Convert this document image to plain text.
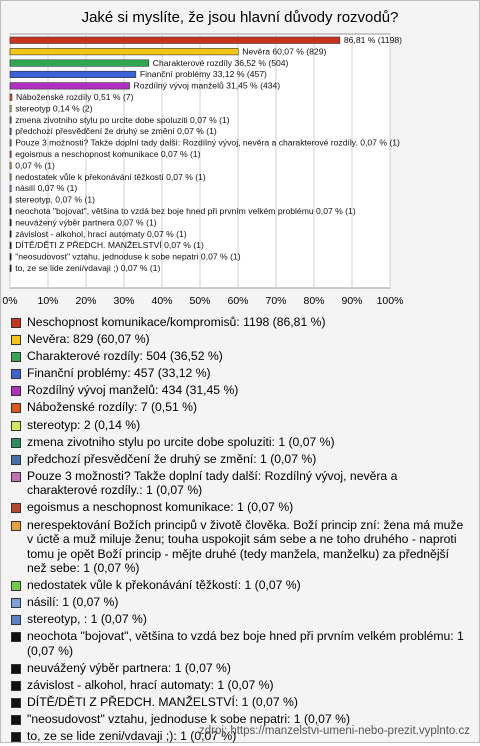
Jaké si myslíte, že jsou hlavní důvody rozvodů?
0% 10% 20% 30% 40% 50% 60% 70% 80% 90% 100%
86,81 % (1198)
Nevěra 60,07 % (829)
Charakterové rozdíly 36,52 % (504)
Finanční problémy 33,12 % (457)
Rozdílný vývoj manželů 31,45 % (434)
Náboženské rozdíly 0,51 % (7)
stereotyp 0,14 % (2)
zmena zivotniho stylu po urcite dobe spoluziti 0,07 % (1)
předchozí přesvědčení že druhý se změní 0,07 % (1)
Pouze 3 možnosti? Takže doplní tady další: Rozdílný vývoj, nevěra a charakterové rozdíly. 0,07 % (1)
egoismus a neschopnost komunikace 0,07 % (1)
0,07 % (1)
nedostatek vůle k překonávání těžkostí 0,07 % (1)
násilí 0,07 % (1)
stereotyp, 0,07 % (1)
neochota "bojovat", většina to vzdá bez boje hned při prvním velkém problému 0,07 % (1)
neuvážený výběr partnera 0,07 % (1)
závislost - alkohol, hrací automaty 0,07 % (1)
DÍTĚ/DĚTI Z PŘEDCH. MANŽELSTVÍ 0,07 % (1)
"neosudovost" vztahu, jednoduse k sobe nepatri 0,07 % (1)
to, ze se lide zeni/vdavaji ;) 0,07 % (1)
Neschopnost komunikace/kompromisů: 1198 (86,81 %)
Nevěra: 829 (60,07 %)
Charakterové rozdíly: 504 (36,52 %)
Finanční problémy: 457 (33,12 %)
Rozdílný vývoj manželů: 434 (31,45 %)
Náboženské rozdíly: 7 (0,51 %)
stereotyp: 2 (0,14 %)
zmena zivotniho stylu po urcite dobe spoluziti: 1 (0,07 %)
předchozí přesvědčení že druhý se změní: 1 (0,07 %)
Pouze 3 možnosti? Takže doplní tady další: Rozdílný vývoj, nevěra a charakterové rozdíly.: 1 (0,07 %)
egoismus a neschopnost komunikace: 1 (0,07 %)
nerespektování Božích principů v životě člověka. Boží princip zní: žena má muže v úctě a muž miluje ženu; touha uspokojit sám sebe a ne toho druhého - naproti tomu je opět Boží princip - mějte druhé (tedy manžela, manželku) za přednější než sebe: 1 (0,07 %)
nedostatek vůle k překonávání těžkostí: 1 (0,07 %)
násilí: 1 (0,07 %)
stereotyp, : 1 (0,07 %)
neochota "bojovat", většina to vzdá bez boje hned při prvním velkém problému: 1 (0,07 %)
neuvážený výběr partnera: 1 (0,07 %)
závislost - alkohol, hrací automaty: 1 (0,07 %)
DÍTĚ/DĚTI Z PŘEDCH. MANŽELSTVÍ: 1 (0,07 %)
"neosudovost" vztahu, jednoduse k sobe nepatri: 1 (0,07 %)
to, ze se lide zeni/vdavaji ;): 1 (0,07 %)
zdroj: https://manzelstvi-umeni-nebo-prezit.vyplnto.cz
